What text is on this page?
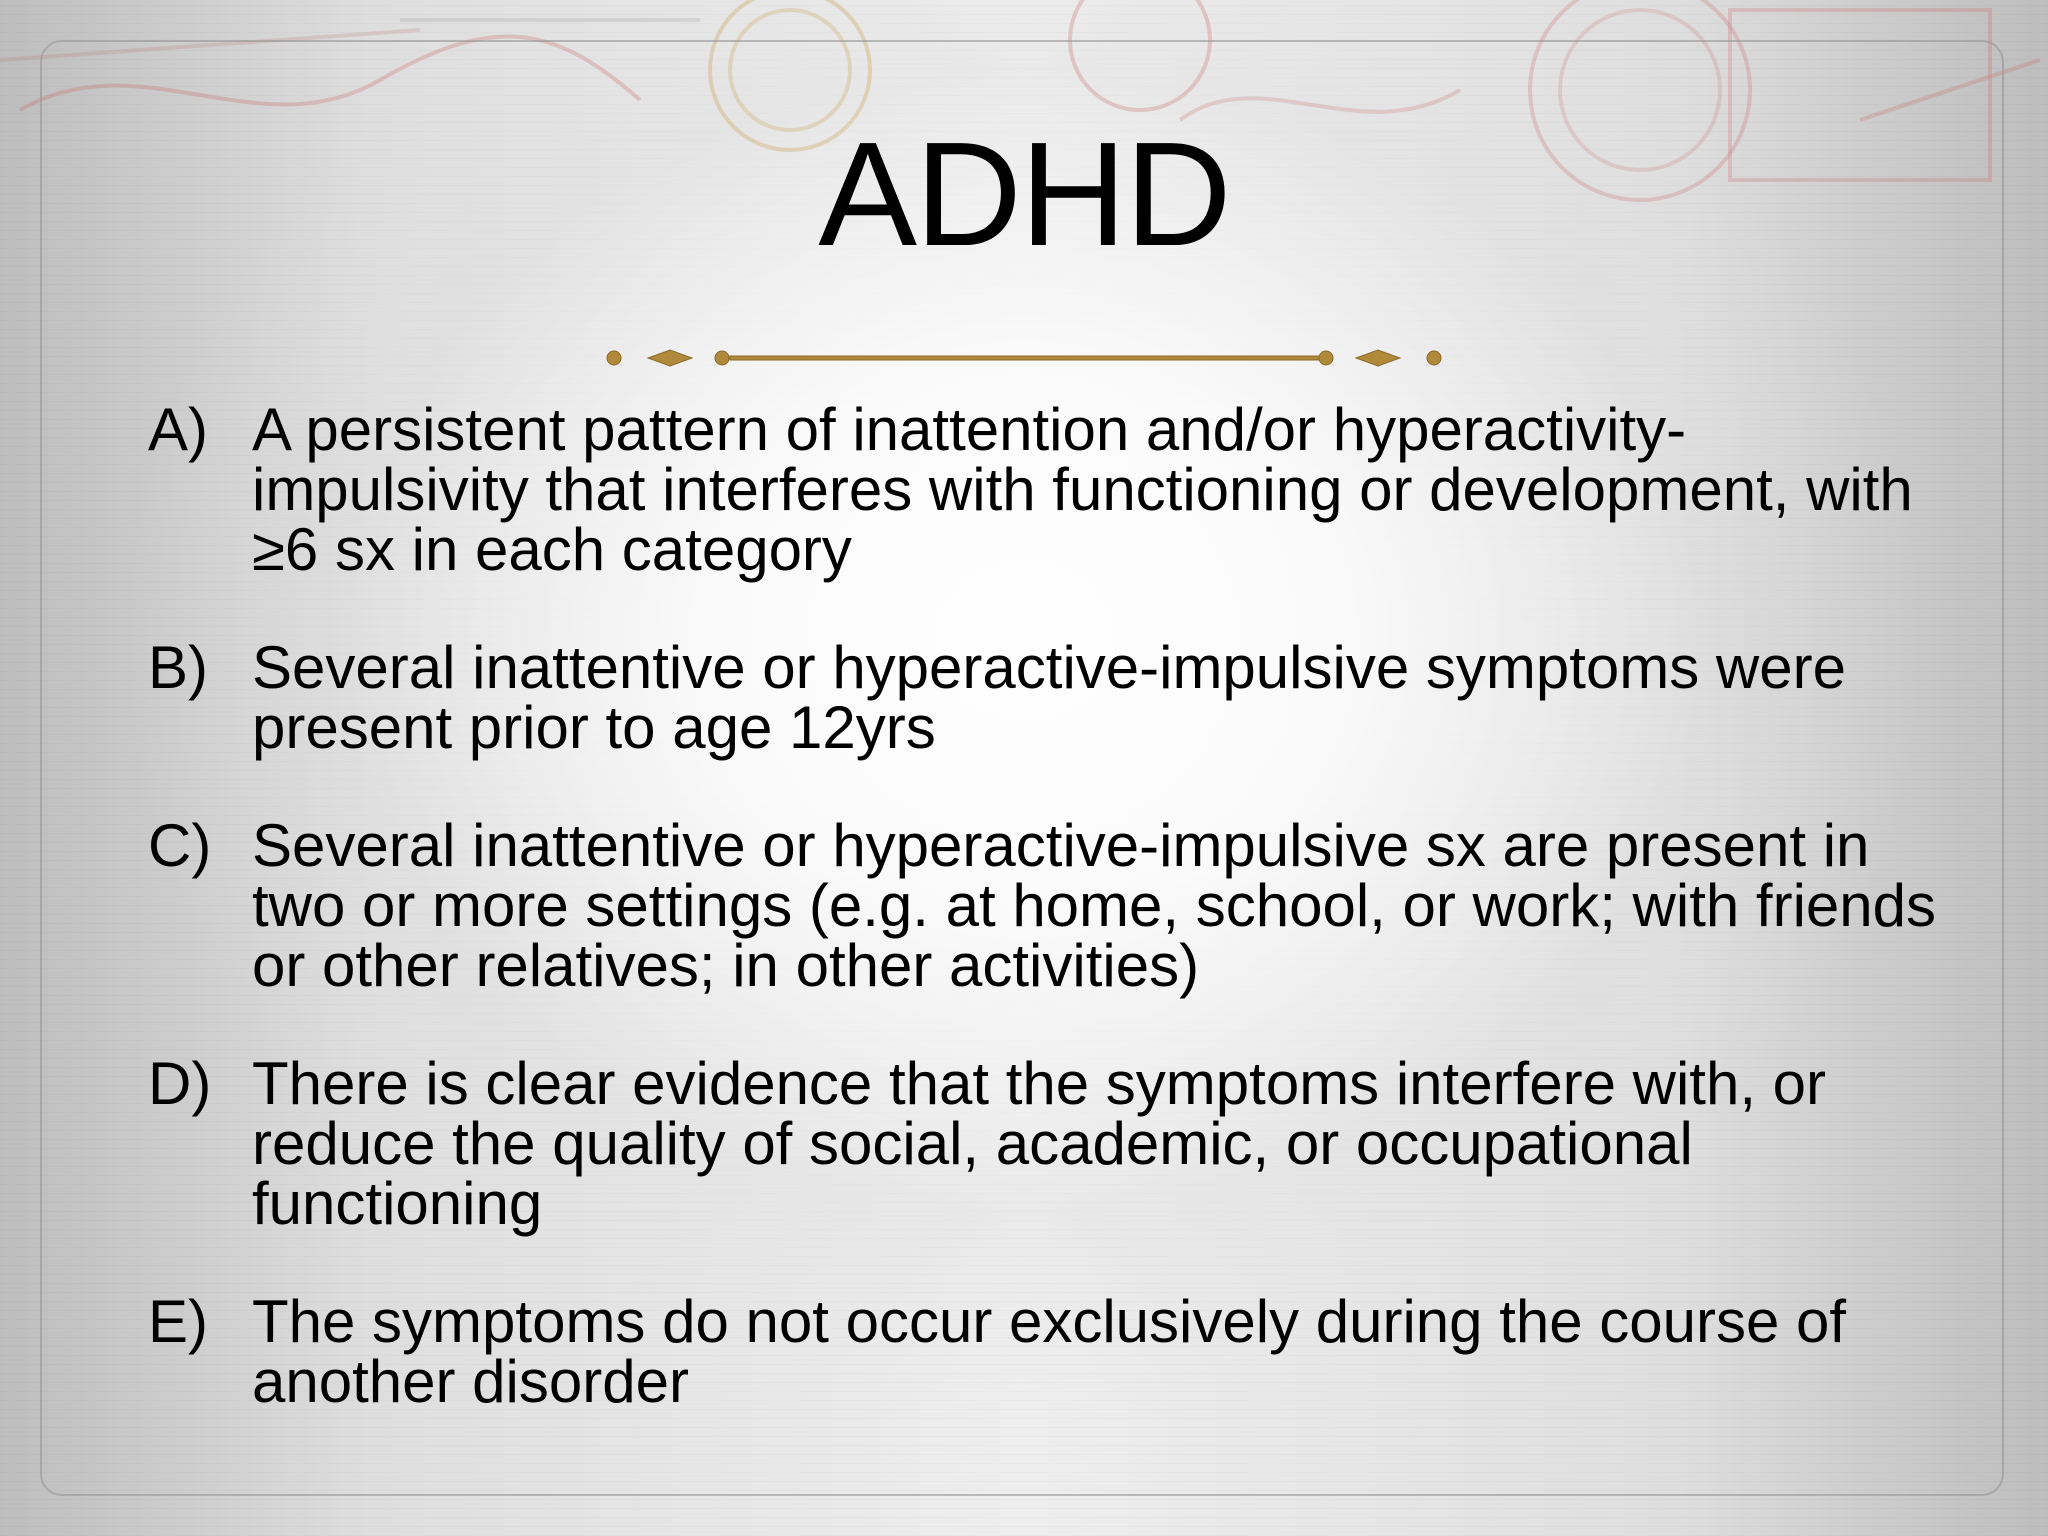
ADHD
A) A persistent pattern of inattention and/or hyperactivity-impulsivity that interferes with functioning or development, with ≥6 sx in each category
B) Several inattentive or hyperactive-impulsive symptoms were present prior to age 12yrs
C) Several inattentive or hyperactive-impulsive sx are present in two or more settings (e.g. at home, school, or work; with friends or other relatives; in other activities)
D) There is clear evidence that the symptoms interfere with, or reduce the quality of social, academic, or occupational functioning
E) The symptoms do not occur exclusively during the course of another disorder
